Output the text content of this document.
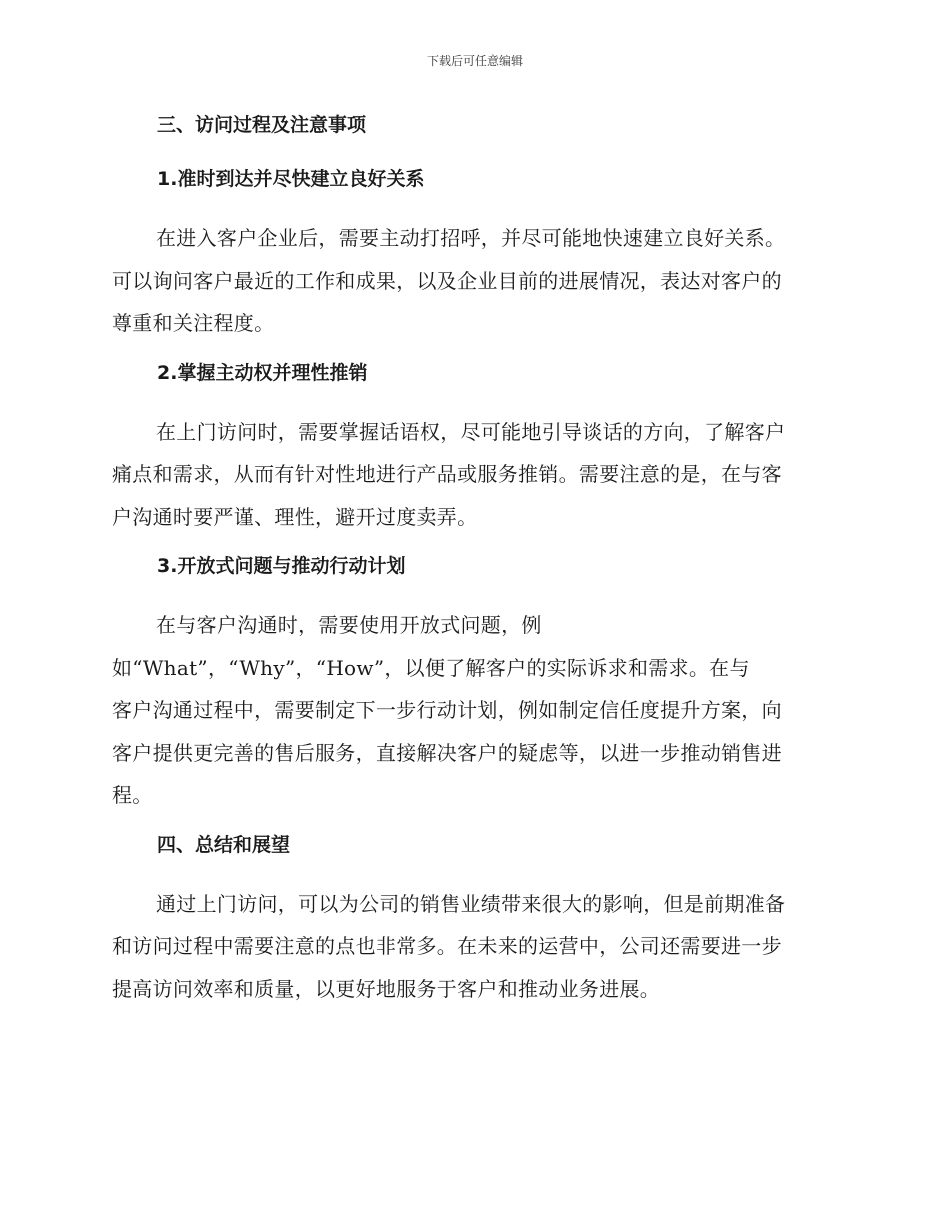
下载后可任意编辑
三、访问过程及注意事项
1.准时到达并尽快建立良好关系

在进入客户企业后，需要主动打招呼，并尽可能地快速建立良好关系。
可以询问客户最近的工作和成果，以及企业目前的进展情况，表达对客户的
尊重和关注程度。

2.掌握主动权并理性推销

在上门访问时，需要掌握话语权，尽可能地引导谈话的方向，了解客户
痛点和需求，从而有针对性地进行产品或服务推销。需要注意的是，在与客
户沟通时要严谨、理性，避开过度卖弄。

3.开放式问题与推动行动计划

在与客户沟通时，需要使用开放式问题，例
如“What”，“Why”，“How”，以便了解客户的实际诉求和需求。在与
客户沟通过程中，需要制定下一步行动计划，例如制定信任度提升方案，向
客户提供更完善的售后服务，直接解决客户的疑虑等，以进一步推动销售进
程。

四、总结和展望

通过上门访问，可以为公司的销售业绩带来很大的影响，但是前期准备
和访问过程中需要注意的点也非常多。在未来的运营中，公司还需要进一步
提高访问效率和质量，以更好地服务于客户和推动业务进展。
